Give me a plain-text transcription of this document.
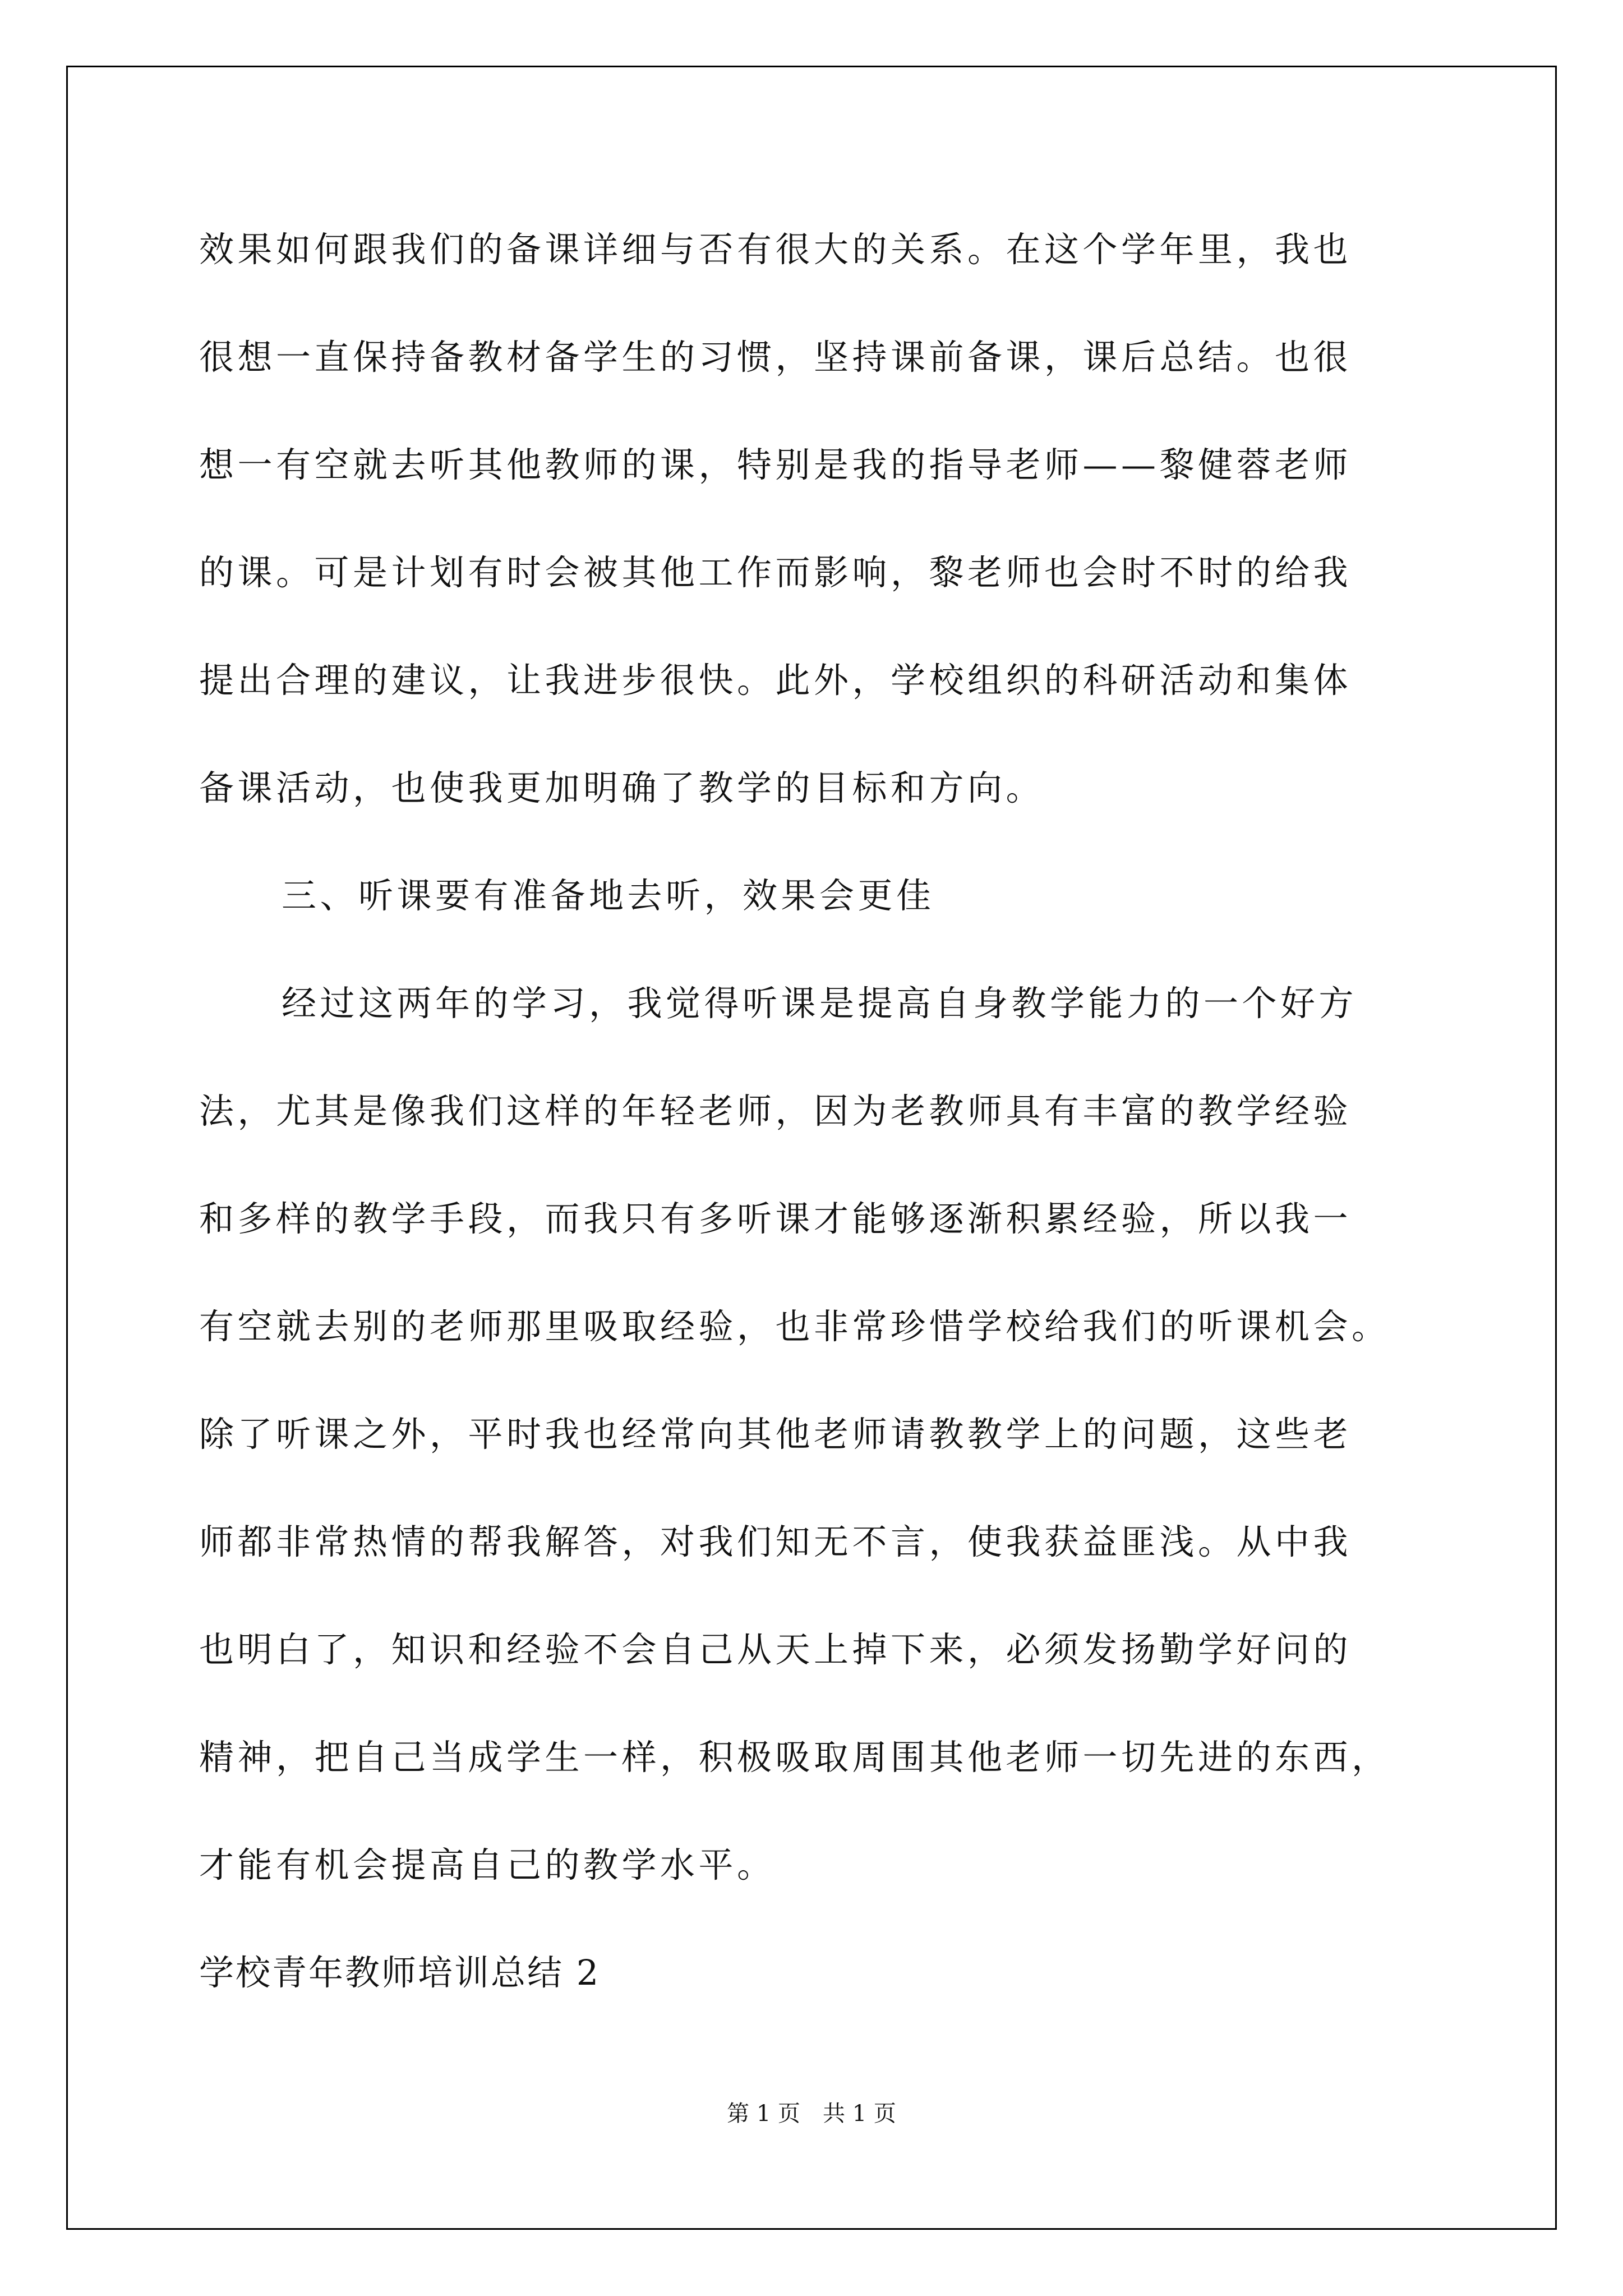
效果如何跟我们的备课详细与否有很大的关系。在这个学年里，我也

很想一直保持备教材备学生的习惯，坚持课前备课，课后总结。也很

想一有空就去听其他教师的课，特别是我的指导老师——黎健蓉老师

的课。可是计划有时会被其他工作而影响，黎老师也会时不时的给我

提出合理的建议，让我进步很快。此外，学校组织的科研活动和集体

备课活动，也使我更加明确了教学的目标和方向。

三、听课要有准备地去听，效果会更佳

经过这两年的学习，我觉得听课是提高自身教学能力的一个好方

法，尤其是像我们这样的年轻老师，因为老教师具有丰富的教学经验

和多样的教学手段，而我只有多听课才能够逐渐积累经验，所以我一

有空就去别的老师那里吸取经验，也非常珍惜学校给我们的听课机会。

除了听课之外，平时我也经常向其他老师请教教学上的问题，这些老

师都非常热情的帮我解答，对我们知无不言，使我获益匪浅。从中我

也明白了，知识和经验不会自己从天上掉下来，必须发扬勤学好问的

精神，把自己当成学生一样，积极吸取周围其他老师一切先进的东西，

才能有机会提高自己的教学水平。

学校青年教师培训总结 2

第 1 页　共 1 页
